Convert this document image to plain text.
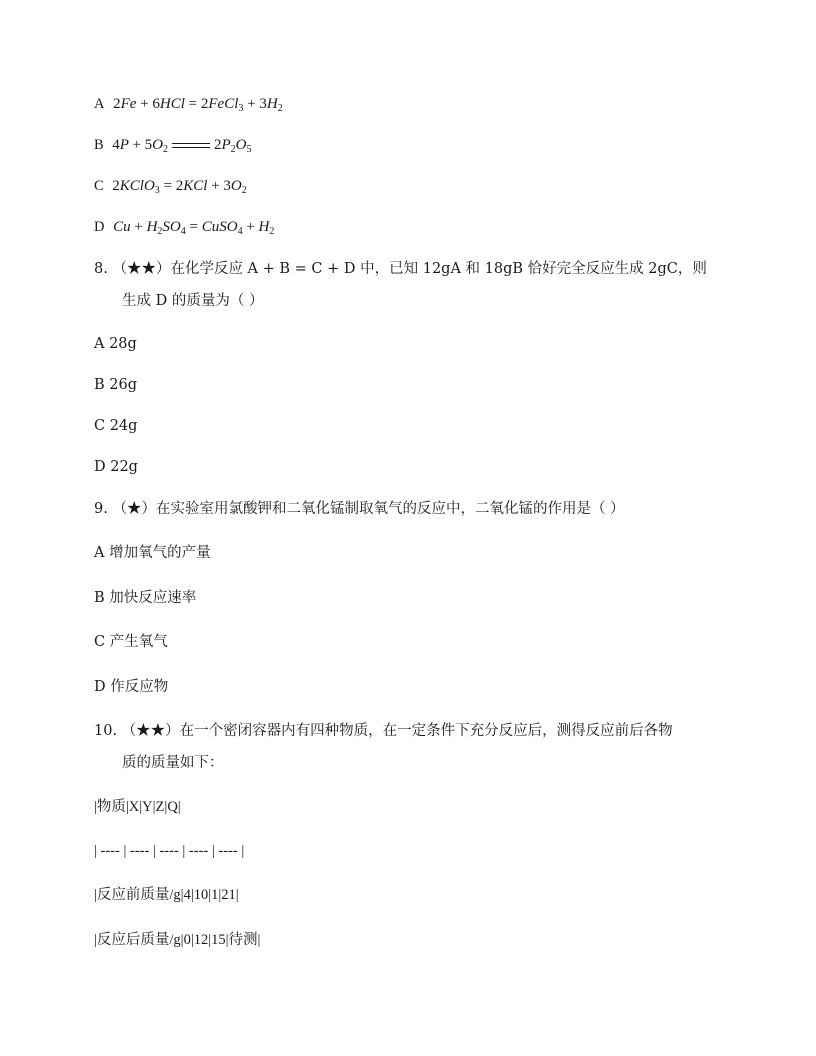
A 2Fe + 6HCl = 2FeCl$_3$ + $3H_2$
B $4P + 5O_2$	$2P_2O_5$
C 2KClO$_3$ = $2KCl + 3O_2$
D $Cu + H_2SO_4$ = CuSO$_4$ + $H_2$
8. （★★）在化学反应 A + B = C + D 中，已知 12gA 和 18gB 恰好完全反应生成 2gC，则
生成 D 的质量为（ ）
A 28g
B 26g
C 24g
D 22g
9. （★）在实验室用氯酸钾和二氧化锰制取氧气的反应中，二氧化锰的作用是（ ）
A 增加氧气的产量
B 加快反应速率
C 产生氧气
D 作反应物
10. （★★）在一个密闭容器内有四种物质，在一定条件下充分反应后，测得反应前后各物
质的质量如下：
|物质|X|Y|Z|Q|
| ---- | ---- | ---- | ---- | ---- |
|反应前质量/g|4|10|1|21|
|反应后质量/g|0|12|15|待测|
